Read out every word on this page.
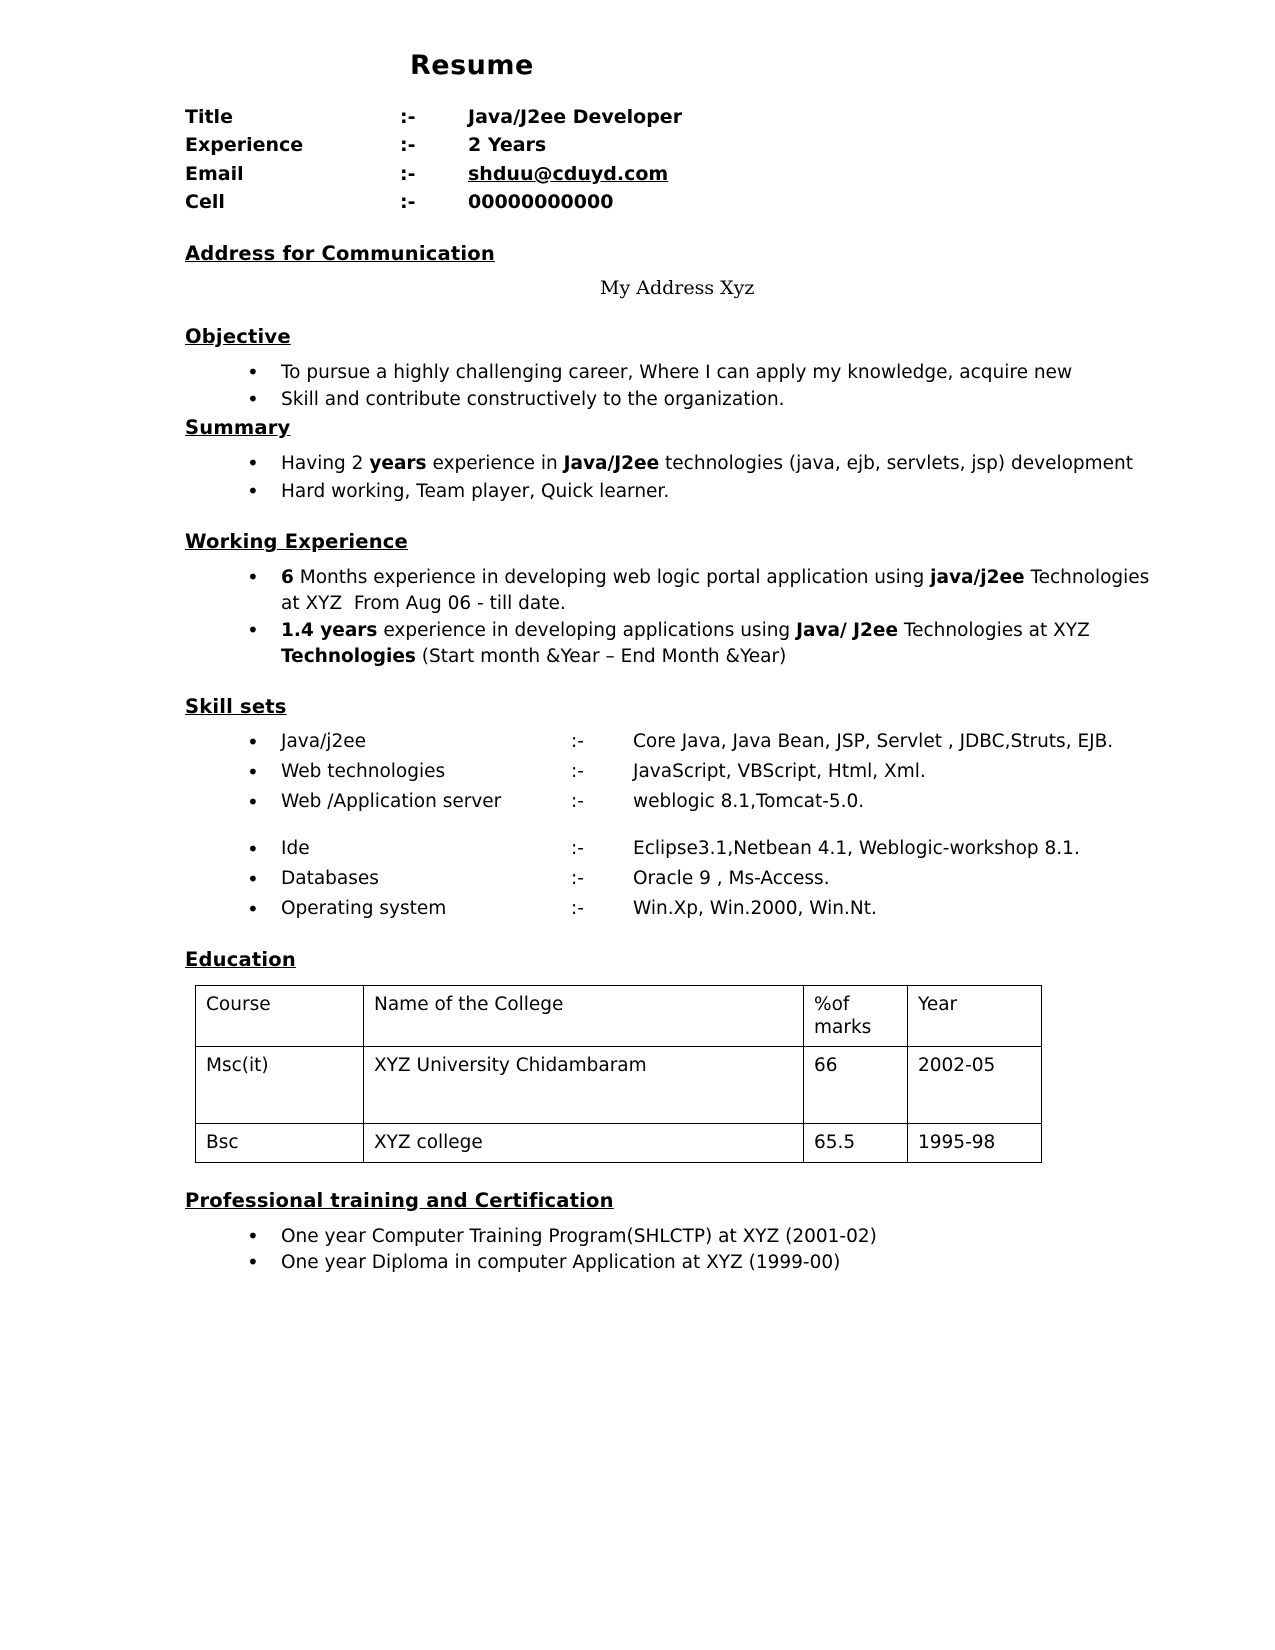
Resume
Title	:-	Java/J2ee Developer
Experience	:-	2 Years
Email	:-	shduu@cduyd.com
Cell	:-	00000000000
Address for Communication
My Address Xyz
Objective
• To pursue a highly challenging career, Where I can apply my knowledge, acquire new
• Skill and contribute constructively to the organization.
Summary
• Having 2 years experience in Java/J2ee technologies (java, ejb, servlets, jsp) development
• Hard working, Team player, Quick learner.
Working Experience
• 6 Months experience in developing web logic portal application using java/j2ee Technologies at XYZ  From Aug 06 - till date.
• 1.4 years experience in developing applications using Java/ J2ee Technologies at XYZ  Technologies (Start month &Year – End Month &Year)
Skill sets
• Java/j2ee	:-	Core Java, Java Bean, JSP, Servlet , JDBC,Struts, EJB.
• Web technologies	:-	JavaScript, VBScript, Html, Xml.
• Web /Application server	:-	weblogic 8.1,Tomcat-5.0.
• Ide	:-	Eclipse3.1,Netbean 4.1, Weblogic-workshop 8.1.
• Databases	:-	Oracle 9 , Ms-Access.
• Operating system	:-	Win.Xp, Win.2000, Win.Nt.
Education
Course	Name of the College	%of marks	Year
Msc(it)	XYZ University Chidambaram	66	2002-05
Bsc	XYZ college	65.5	1995-98
Professional training and Certification
• One year Computer Training Program(SHLCTP) at XYZ (2001-02)
• One year Diploma in computer Application at XYZ (1999-00)
